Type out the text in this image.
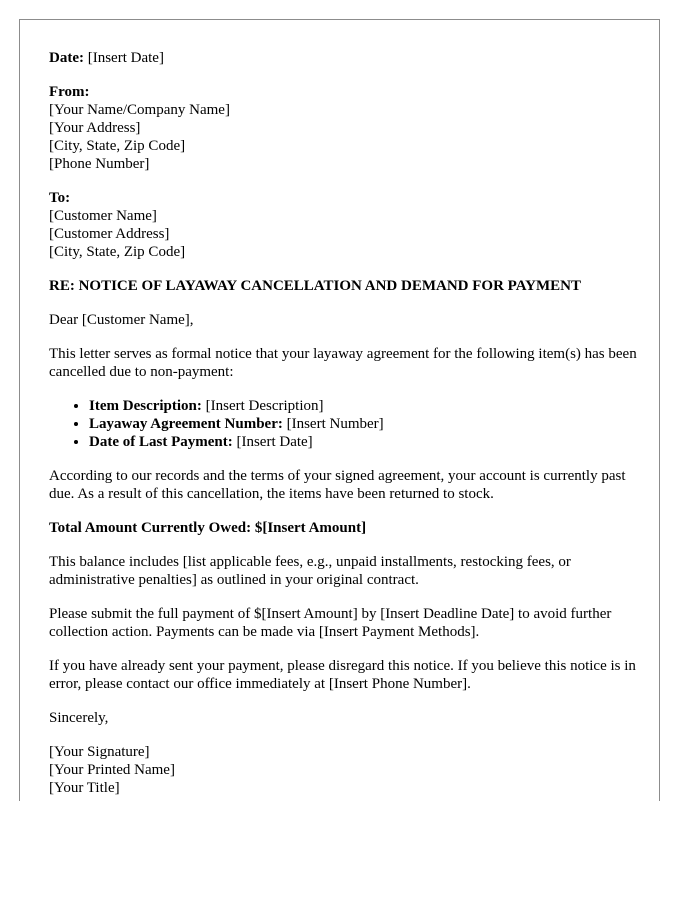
Date: [Insert Date]

From:
[Your Name/Company Name]
[Your Address]
[City, State, Zip Code]
[Phone Number]

To:
[Customer Name]
[Customer Address]
[City, State, Zip Code]

RE: NOTICE OF LAYAWAY CANCELLATION AND DEMAND FOR PAYMENT

Dear [Customer Name],

This letter serves as formal notice that your layaway agreement for the following item(s) has been cancelled due to non-payment:

• Item Description: [Insert Description]
• Layaway Agreement Number: [Insert Number]
• Date of Last Payment: [Insert Date]

According to our records and the terms of your signed agreement, your account is currently past due. As a result of this cancellation, the items have been returned to stock.

Total Amount Currently Owed: $[Insert Amount]

This balance includes [list applicable fees, e.g., unpaid installments, restocking fees, or administrative penalties] as outlined in your original contract.

Please submit the full payment of $[Insert Amount] by [Insert Deadline Date] to avoid further collection action. Payments can be made via [Insert Payment Methods].

If you have already sent your payment, please disregard this notice. If you believe this notice is in error, please contact our office immediately at [Insert Phone Number].

Sincerely,

[Your Signature]
[Your Printed Name]
[Your Title]
